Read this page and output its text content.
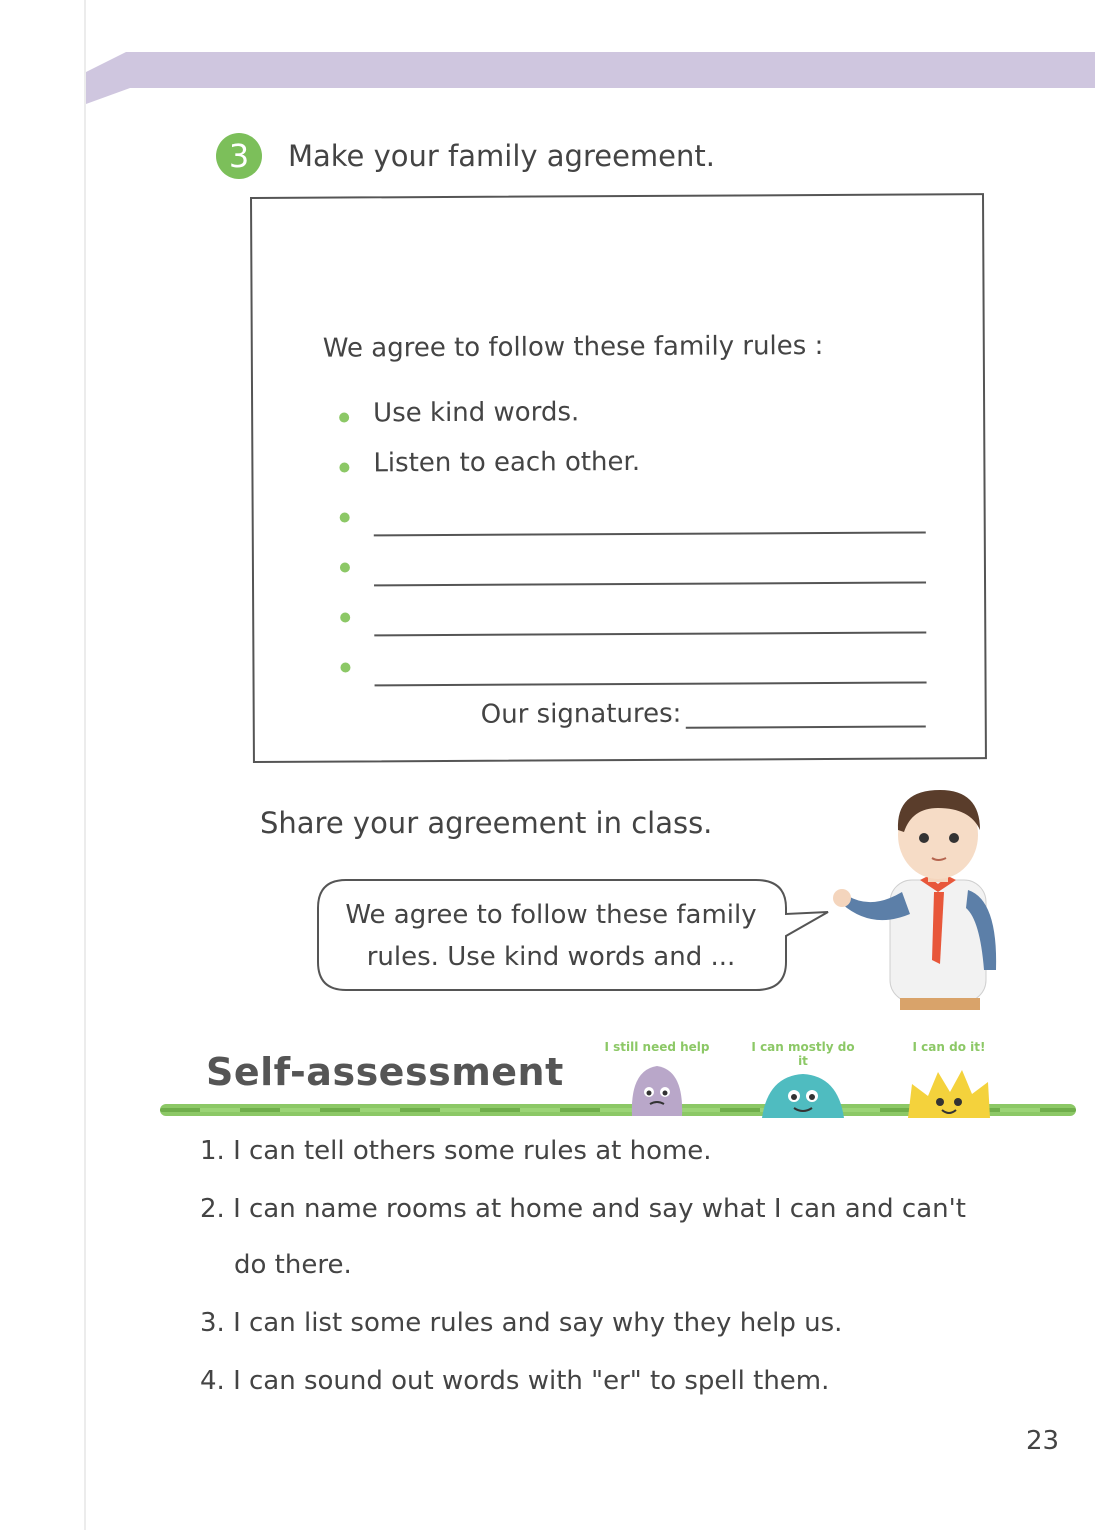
3	Make your family agreement.
We agree to follow these family rules :
Use kind words.
Listen to each other.
Our signatures:
Share your agreement in class.
We agree to follow these family
rules. Use kind words and ...
Self-assessment
I still need help	I can mostly do it
I can do it!
1. I can tell others some rules at home.
2. I can name rooms at home and say what I can and can't
do there.
3. I can list some rules and say why they help us.
4. I can sound out words with "er" to spell them.
23
